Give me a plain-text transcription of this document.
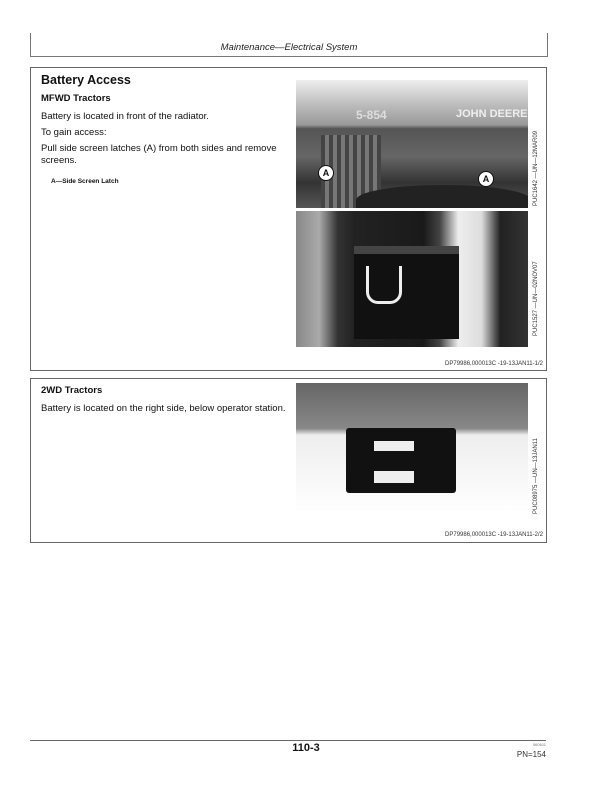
Maintenance—Electrical System
Battery Access
MFWD Tractors
Battery is located in front of the radiator.
To gain access:
Pull side screen latches (A) from both sides and remove screens.
A—Side Screen Latch
5-854	JOHN DEERE
A
A	PUC1642 —UN—12MAR09
PUC1527 —UN—02NOV07
DP79986,000013C -19-13JAN11-1/2
2WD Tractors
Battery is located on the right side, below operator station.
PUC08975 —UN—13JAN11
DP79986,000013C -19-13JAN11-2/2
110-3	060611
PN=154
